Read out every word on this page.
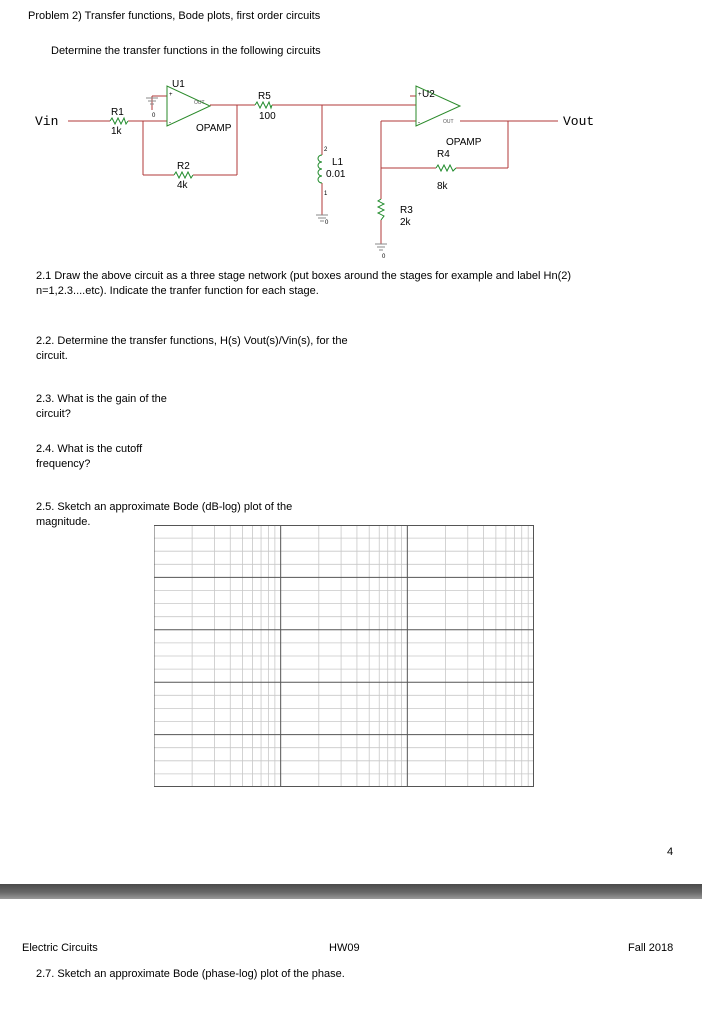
Problem 2) Transfer functions, Bode plots, first order circuits

Determine the transfer functions in the following circuits

Vin	Vout
R1
1k
R2
4k
R5
100
R4
8k
R3
2k
L1
0.01
2
1
U1
U2
OPAMP
OPAMP
OUT
OUT
+
-
+
-
0
0
0

2.1 Draw the above circuit as a three stage network (put boxes around the stages for example and label Hn(2) n=1,2.3....etc). Indicate the tranfer function for each stage.

2.2. Determine the transfer functions, H(s) Vout(s)/Vin(s), for the circuit.

2.3. What is the gain of the circuit?

2.4. What is the cutoff frequency?

2.5. Sketch an approximate Bode (dB-log) plot of the magnitude.

4

Electric Circuits	HW09	Fall 2018

2.7. Sketch an approximate Bode (phase-log) plot of the phase.
